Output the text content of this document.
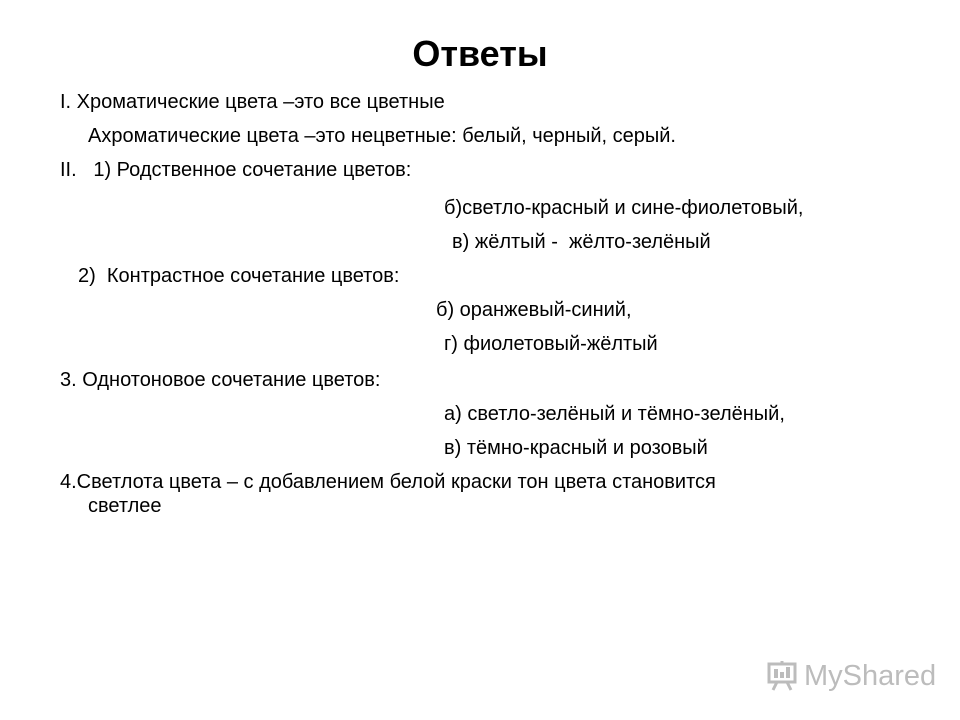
Ответы
I. Хроматические цвета –это все цветные
Ахроматические цвета –это нецветные: белый, черный, серый.
II.   1) Родственное сочетание цветов:
б)светло-красный и сине-фиолетовый,
в) жёлтый -  жёлто-зелёный
2)  Контрастное сочетание цветов:
б) оранжевый-синий,
г) фиолетовый-жёлтый
3. Однотоновое сочетание цветов:
а) светло-зелёный и тёмно-зелёный,
в) тёмно-красный и розовый
4.Светлота цвета – с добавлением белой краски тон цвета становится
светлее
MyShared
